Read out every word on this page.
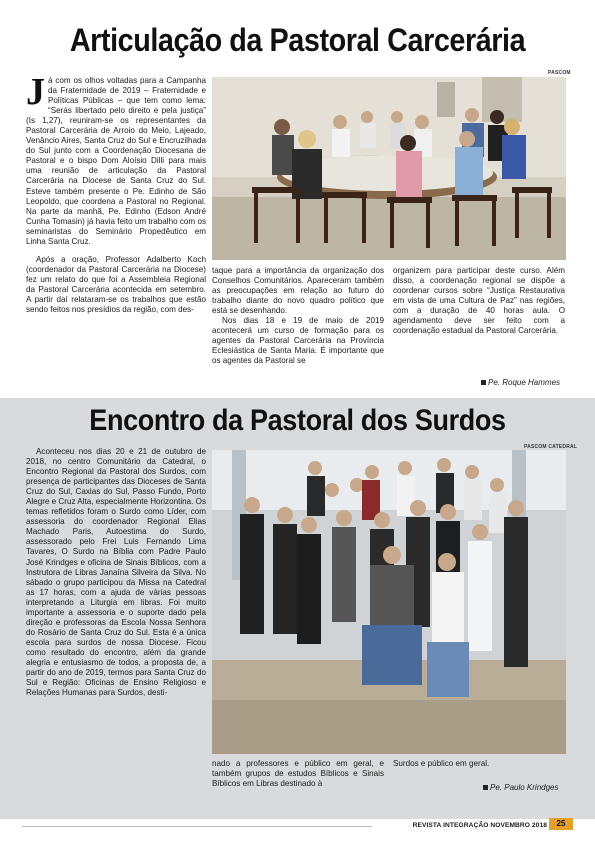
Articulação da Pastoral Carcerária
PASCOM
J á com os olhos voltadas para a Campanha da Fraternidade de 2019 – Fraternidade e Políticas Públicas – que tem como lema: “Serás libertado pelo direito e pela justiça” (Is 1,27), reuniram-se os representantes da Pastoral Carcerária de Arroio do Meio, Lajeado, Venâncio Aires, Santa Cruz do Sul e Encruzilhada do Sul junto com a Coordenação Diocesana de Pastoral e o bispo Dom Aloísio Dilli para mais uma reunião de articulação da Pastoral Carcerária na Diocese de Santa Cruz do Sul. Esteve também presente o Pe. Edinho de São Leopoldo, que coordena a Pastoral no Regional. Na parte da manhã, Pe. Edinho (Edson André Cunha Tomasin) já havia feito um trabalho com os seminaristas do Seminário Propedêutico em Linha Santa Cruz.

Após a oração, Professor Adalberto Koch (coordenador da Pastoral Carcerária na Diocese) fez um relato do que foi a Assembleia Regional da Pastoral Carcerária acontecida em setembro. A partir daí relataram-se os trabalhos que estão sendo feitos nos presídios da região, com des-

taque para a importância da organização dos Conselhos Comunitários. Apareceram também as preocupações em relação ao futuro do trabalho diante do novo quadro político que está se desenhando.

Nos dias 18 e 19 de maio de 2019 acontecerá um curso de formação para os agentes da Pastoral Carcerária na Província Eclesiástica de Santa Maria. É importante que os agentes da Pastoral se

organizem para participar deste curso. Além disso, a coordenação regional se dispõe a coordenar cursos sobre “Justiça Restaurativa em vista de uma Cultura de Paz” nas regiões, com a duração de 40 horas aula. O agendamento deve ser feito com a coordenação estadual da Pastoral Carcerária.

Pe. Roque Hammes
Encontro da Pastoral dos Surdos
PASCOM CATEDRAL

Aconteceu nos dias 20 e 21 de outubro de 2018, no centro Comunitário da Catedral, o Encontro Regional da Pastoral dos Surdos, com presença de participantes das Dioceses de Santa Cruz do Sul, Caxias do Sul, Passo Fundo, Porto Alegre e Cruz Alta, especialmente Horizontina. Os temas refletidos foram o Surdo como Líder, com assessoria do coordenador Regional Elias Machado Paris, Autoestima do Surdo, assessorado pelo Frei Luis Fernando Lima Tavares, O Surdo na Bíblia com Padre Paulo José Krindges e oficina de Sinais Bíblicos, com a Instrutora de Libras Janaína Silveira da Silva. No sábado o grupo participou da Missa na Catedral as 17 horas, com a ajuda de várias pessoas interpretando a Liturgia em libras. Foi muito importante a assessoria e o suporte dado pela direção e professoras da Escola Nossa Senhora do Rosário de Santa Cruz do Sul. Esta é a única escola para surdos de nossa Diocese. Ficou como resultado do encontro, além da grande alegria e entusiasmo de todos, a proposta de, a partir do ano de 2019, termos para Santa Cruz do Sul e Região: Oficinas de Ensino Religioso e Relações Humanas para Surdos, desti-

nado a professores e público em geral, e também grupos de estudos Bíblicos e Sinais Bíblicos em Libras destinado à

Surdos e público em geral.

Pe. Paulo Krindges
REVISTA INTEGRAÇÃO NOVEMBRO 2018	25
